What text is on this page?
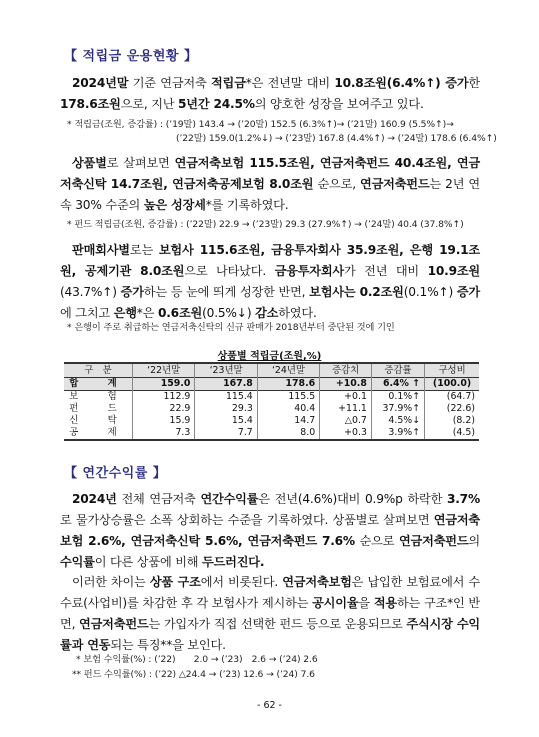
【 적립금 운용현황 】
2024년말 기준 연금저축 적립금*은 전년말 대비 10.8조원(6.4%↑) 증가한 178.6조원으로, 지난 5년간 24.5%의 양호한 성장을 보여주고 있다.
* 적립금(조원, 증감률) : (’19말) 143.4 → (’20말) 152.5 (6.3%↑)→ (’21말) 160.9 (5.5%↑)→
(’22말) 159.0(1.2%↓) → (’23말) 167.8 (4.4%↑) → (’24말) 178.6 (6.4%↑)
상품별로 살펴보면 연금저축보험 115.5조원, 연금저축펀드 40.4조원, 연금저축신탁 14.7조원, 연금저축공제보험 8.0조원 순으로, 연금저축펀드는 2년 연속 30% 수준의 높은 성장세*를 기록하였다.
* 펀드 적립금(조원, 증감률) : (’22말) 22.9 → (’23말) 29.3 (27.9%↑) → (’24말) 40.4 (37.8%↑)
판매회사별로는 보험사 115.6조원, 금융투자회사 35.9조원, 은행 19.1조원, 공제기관 8.0조원으로 나타났다. 금융투자회사가 전년 대비 10.9조원(43.7%↑) 증가하는 등 눈에 띄게 성장한 반면, 보험사는 0.2조원(0.1%↑) 증가에 그치고 은행*은 0.6조원(0.5%↓) 감소하였다.
* 은행이 주로 취급하는 연금저축신탁의 신규 판매가 2018년부터 중단된 것에 기인
상품별 적립금(조원,%)
구　분	‘22년말	‘23년말	‘24년말	증감치	증감률	구성비
합　계	159.0	167.8	178.6	+10.8	6.4% ↑	(100.0)
보　험	112.9	115.4	115.5	+0.1	0.1%↑	(64.7)
펀　드	22.9	29.3	40.4	+11.1	37.9%↑	(22.6)
신　탁	15.9	15.4	14.7	△0.7	4.5%↓	(8.2)
공　제	7.3	7.7	8.0	+0.3	3.9%↑	(4.5)
【 연간수익률 】
2024년 전체 연금저축 연간수익률은 전년(4.6%)대비 0.9%p 하락한 3.7%로 물가상승률은 소폭 상회하는 수준을 기록하였다. 상품별로 살펴보면 연금저축보험 2.6%, 연금저축신탁 5.6%, 연금저축펀드 7.6% 순으로 연금저축펀드의 수익률이 다른 상품에 비해 두드러진다.
이러한 차이는 상품 구조에서 비롯된다. 연금저축보험은 납입한 보험료에서 수수료(사업비)를 차감한 후 각 보험사가 제시하는 공시이율을 적용하는 구조*인 반면, 연금저축펀드는 가입자가 직접 선택한 펀드 등으로 운용되므로 주식시장 수익률과 연동되는 특징**을 보인다.
* 보험 수익률(%) : (’22)　　2.0 → (’23)　2.6 → (’24) 2.6
** 펀드 수익률(%) : (’22) △24.4 → (’23) 12.6 → (’24) 7.6
- 62 -
